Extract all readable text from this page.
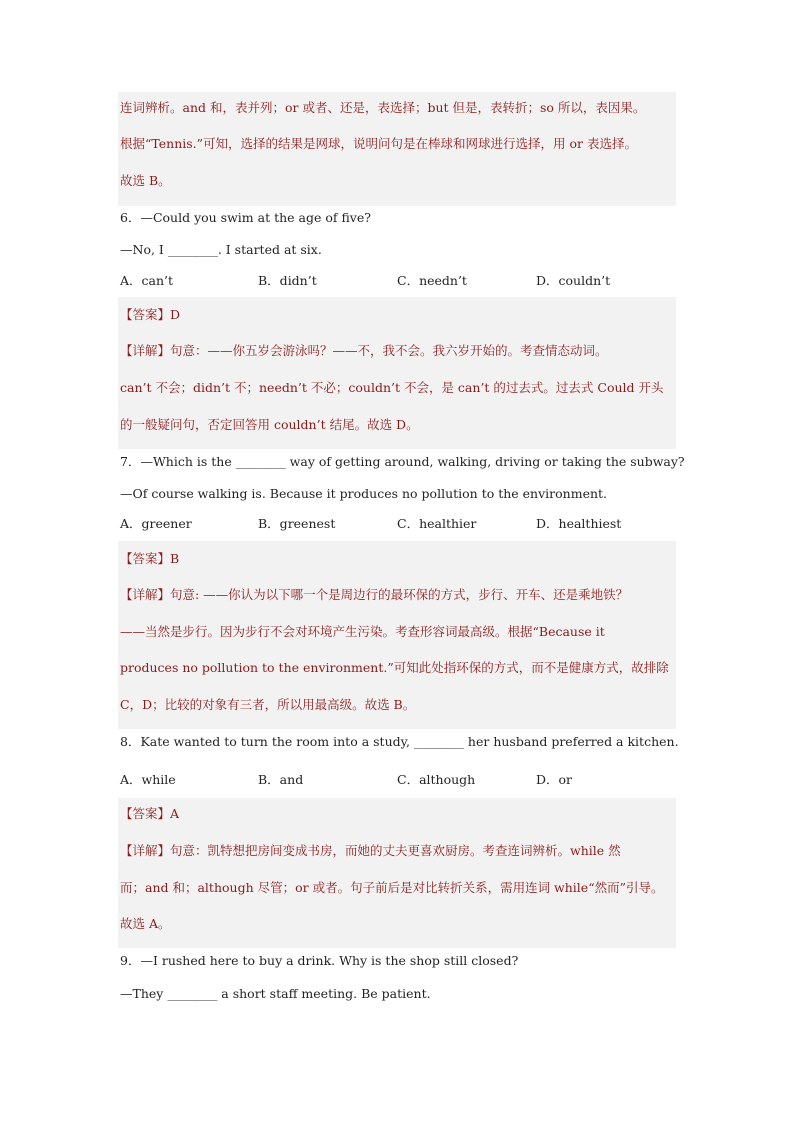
连词辨析。and 和，表并列；or 或者、还是，表选择；but 但是，表转折；so 所以，表因果。
根据“Tennis.”可知，选择的结果是网球，说明问句是在棒球和网球进行选择，用 or 表选择。
故选 B。
6．—Could you swim at the age of five?
—No, I ________. I started at six.
A．can’t	B．didn’t	C．needn’t	D．couldn’t
【答案】D
【详解】句意：——你五岁会游泳吗？——不，我不会。我六岁开始的。考查情态动词。
can’t 不会；didn’t 不；needn’t 不必；couldn’t 不会，是 can’t 的过去式。过去式 Could 开头
的一般疑问句，否定回答用 couldn’t 结尾。故选 D。
7．—Which is the ________ way of getting around, walking, driving or taking the subway?
—Of course walking is. Because it produces no pollution to the environment.
A．greener	B．greenest	C．healthier	D．healthiest
【答案】B
【详解】句意: ——你认为以下哪一个是周边行的最环保的方式，步行、开车、还是乘地铁？
——当然是步行。因为步行不会对环境产生污染。考查形容词最高级。根据“Because it
produces no pollution to the environment.”可知此处指环保的方式，而不是健康方式，故排除
C，D；比较的对象有三者，所以用最高级。故选 B。
8．Kate wanted to turn the room into a study, ________ her husband preferred a kitchen.
A．while	B．and	C．although	D．or
【答案】A
【详解】句意：凯特想把房间变成书房，而她的丈夫更喜欢厨房。考查连词辨析。while 然
而；and 和；although 尽管；or 或者。句子前后是对比转折关系，需用连词 while“然而”引导。
故选 A。
9．—I rushed here to buy a drink. Why is the shop still closed?
—They ________ a short staff meeting. Be patient.
